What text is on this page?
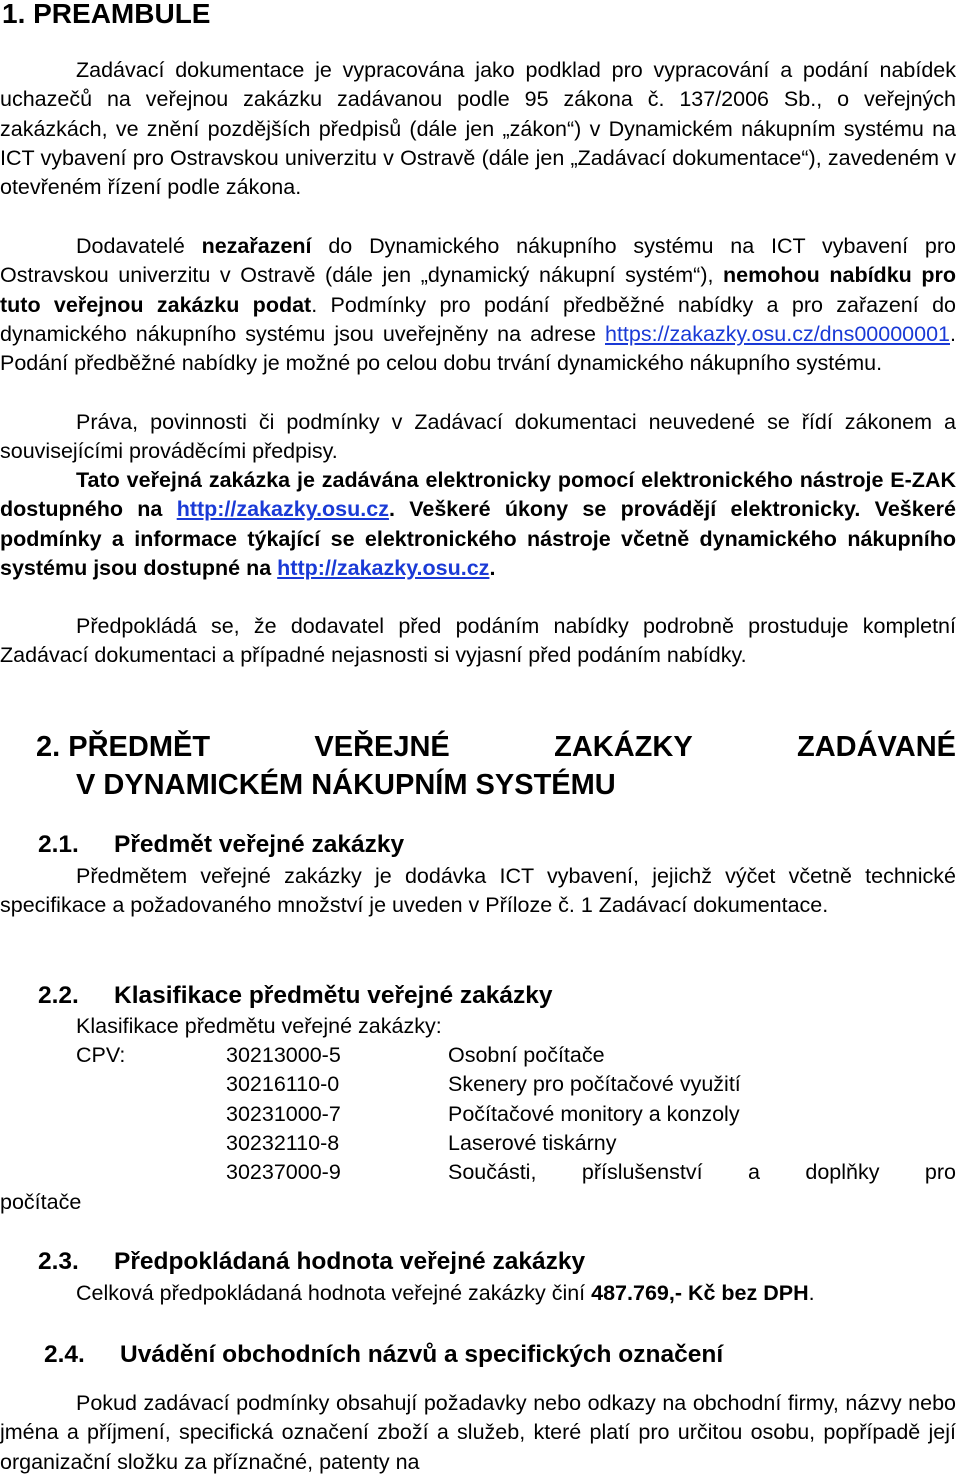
1. PREAMBULE

Zadávací dokumentace je vypracována jako podklad pro vypracování a podání nabídek uchazečů na veřejnou zakázku zadávanou podle 95 zákona č. 137/2006 Sb., o veřejných zakázkách, ve znění pozdějších předpisů (dále jen „zákon“) v Dynamickém nákupním systému na ICT vybavení pro Ostravskou univerzitu v Ostravě (dále jen „Zadávací dokumentace“), zavedeném v otevřeném řízení podle zákona.

Dodavatelé nezařazení do Dynamického nákupního systému na ICT vybavení pro Ostravskou univerzitu v Ostravě (dále jen „dynamický nákupní systém“), nemohou nabídku pro tuto veřejnou zakázku podat. Podmínky pro podání předběžné nabídky a pro zařazení do dynamického nákupního systému jsou uveřejněny na adrese https://zakazky.osu.cz/dns00000001. Podání předběžné nabídky je možné po celou dobu trvání dynamického nákupního systému.

Práva, povinnosti či podmínky v Zadávací dokumentaci neuvedené se řídí zákonem a souvisejícími prováděcími předpisy.

Tato veřejná zakázka je zadávána elektronicky pomocí elektronického nástroje E-ZAK dostupného na http://zakazky.osu.cz. Veškeré úkony se provádějí elektronicky. Veškeré podmínky a informace týkající se elektronického nástroje včetně dynamického nákupního systému jsou dostupné na http://zakazky.osu.cz.

Předpokládá se, že dodavatel před podáním nabídky podrobně prostuduje kompletní Zadávací dokumentaci a případné nejasnosti si vyjasní před podáním nabídky.

2. PŘEDMĚT	VEŘEJNÉ	ZAKÁZKY	ZADÁVANÉ
V DYNAMICKÉM NÁKUPNÍM SYSTÉMU
2.1. Předmět veřejné zakázky

Předmětem veřejné zakázky je dodávka ICT vybavení, jejichž výčet včetně technické specifikace a požadovaného množství je uveden v Příloze č. 1 Zadávací dokumentace.

2.2. Klasifikace předmětu veřejné zakázky

Klasifikace předmětu veřejné zakázky:

CPV:	30213000-5	Osobní počítače
30216110-0	Skenery pro počítačové využití
30231000-7	Počítačové monitory a konzoly
30232110-8	Laserové tiskárny
30237000-9	Součásti, příslušenství a doplňky pro
počítače
2.3. Předpokládaná hodnota veřejné zakázky

Celková předpokládaná hodnota veřejné zakázky činí 487.769,- Kč bez DPH.

2.4. Uvádění obchodních názvů a specifických označení

Pokud zadávací podmínky obsahují požadavky nebo odkazy na obchodní firmy, názvy nebo jména a příjmení, specifická označení zboží a služeb, které platí pro určitou osobu, popřípadě její organizační složku za příznačné, patenty na
